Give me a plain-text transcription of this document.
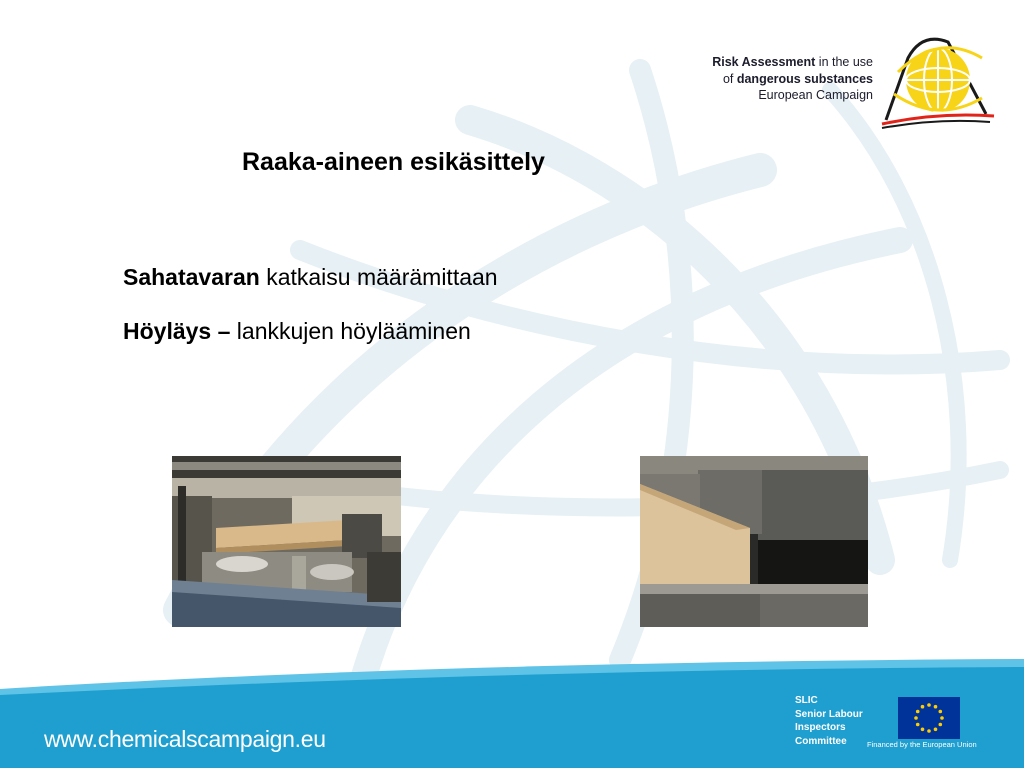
Risk Assessment in the use
of dangerous substances
European Campaign
Raaka-aineen esikäsittely

Sahatavaran katkaisu määrämittaan

Höyläys – lankkujen höylääminen

www.chemicalscampaign.eu
SLIC
Senior Labour
Inspectors
Committee	Financed by the European Union
